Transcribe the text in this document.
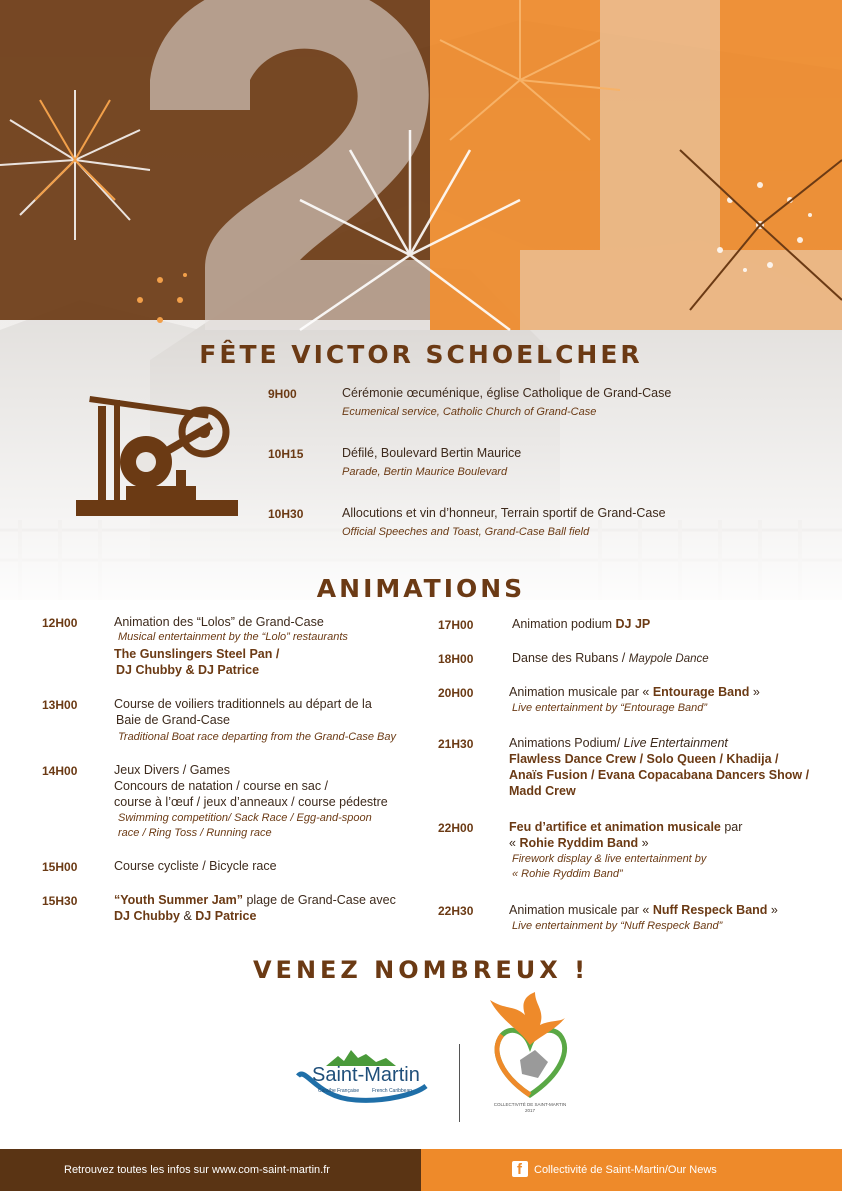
FÊTE VICTOR SCHOELCHER
9H00	Cérémonie œcuménique, église Catholique de Grand-Case
Ecumenical service, Catholic Church of Grand-Case
10H15	Défilé, Boulevard Bertin Maurice
Parade, Bertin Maurice Boulevard
10H30	Allocutions et vin d’honneur, Terrain sportif de Grand-Case
Official Speeches and Toast, Grand-Case Ball field
ANIMATIONS
12H00	Animation des “Lolos” de Grand-Case
Musical entertainment by the “Lolo” restaurants
The Gunslingers Steel Pan /
DJ Chubby & DJ Patrice
13H00	Course de voiliers traditionnels au départ de la
Baie de Grand-Case
Traditional Boat race departing from the Grand-Case Bay
14H00	Jeux Divers / Games
Concours de natation / course en sac /
course à l’œuf / jeux d’anneaux / course pédestre
Swimming competition/ Sack Race / Egg-and-spoon
race / Ring Toss / Running race
15H00	Course cycliste / Bicycle race
15H30	“Youth Summer Jam” plage de Grand-Case avec
DJ Chubby & DJ Patrice
17H00	Animation podium DJ JP
18H00	Danse des Rubans / Maypole Dance
20H00	Animation musicale par « Entourage Band »
Live entertainment by “Entourage Band”
21H30	Animations Podium/ Live Entertainment
Flawless Dance Crew / Solo Queen / Khadija /
Anaïs Fusion / Evana Copacabana Dancers Show /
Madd Crew
22H00	Feu d’artifice et animation musicale par
« Rohie Ryddim Band »
Firework display & live entertainment by
« Rohie Ryddim Band”
22H30	Animation musicale par « Nuff Respeck Band »
Live entertainment by “Nuff Respeck Band”
VENEZ NOMBREUX !
Saint-Martin
Caraïbe Française	French Caribbean
COLLECTIVITÉ DE SAINT-MARTIN
2017
Retrouvez toutes les infos sur www.com-saint-martin.fr	f Collectivité de Saint-Martin/Our News
